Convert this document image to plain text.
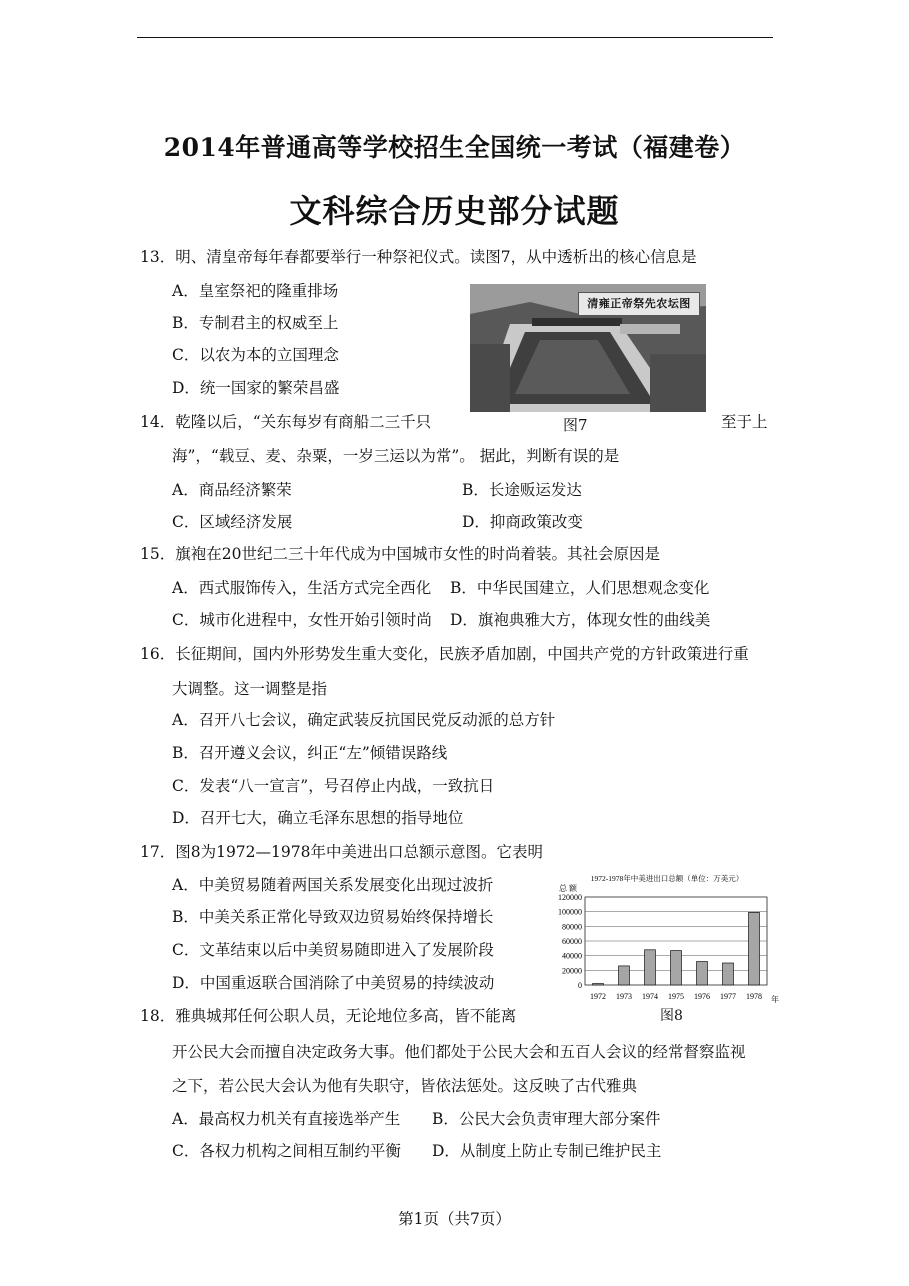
2014年普通高等学校招生全国统一考试（福建卷）
文科综合历史部分试题
13．明、清皇帝每年春都要举行一种祭祀仪式。读图7，从中透析出的核心信息是
A．皇室祭祀的隆重排场
B．专制君主的权威至上
C．以农为本的立国理念
D．统一国家的繁荣昌盛
清雍正帝祭先农坛图
图7
14．乾隆以后，“关东每岁有商船二三千只	至于上
海”，“载豆、麦、杂粟，一岁三运以为常”。 据此，判断有误的是
A．商品经济繁荣	B．长途贩运发达
C．区域经济发展	D．抑商政策改变
15．旗袍在20世纪二三十年代成为中国城市女性的时尚着装。其社会原因是
A．西式服饰传入，生活方式完全西化 B．中华民国建立，人们思想观念变化
C．城市化进程中，女性开始引领时尚 D．旗袍典雅大方，体现女性的曲线美
16．长征期间，国内外形势发生重大变化，民族矛盾加剧，中国共产党的方针政策进行重
大调整。这一调整是指
A．召开八七会议，确定武装反抗国民党反动派的总方针
B．召开遵义会议，纠正“左”倾错误路线
C．发表“八一宣言”，号召停止内战，一致抗日
D．召开七大，确立毛泽东思想的指导地位
17．图8为1972—1978年中美进出口总额示意图。它表明
A．中美贸易随着两国关系发展变化出现过波折
B．中美关系正常化导致双边贸易始终保持增长
C．文革结束以后中美贸易随即进入了发展阶段
D．中国重返联合国消除了中美贸易的持续波动
1972-1978年中美进出口总额（单位：万美元）
总 额
0
20000
40000
60000
80000
100000
120000
1972 1973 1974 1975 1976 1977 1978 年
图8
18．雅典城邦任何公职人员，无论地位多高，皆不能离
开公民大会而擅自决定政务大事。他们都处于公民大会和五百人会议的经常督察监视
之下，若公民大会认为他有失职守，皆依法惩处。这反映了古代雅典
A．最高权力机关有直接选举产生 B．公民大会负责审理大部分案件
C．各权力机构之间相互制约平衡 D．从制度上防止专制已维护民主
第1页（共7页）
